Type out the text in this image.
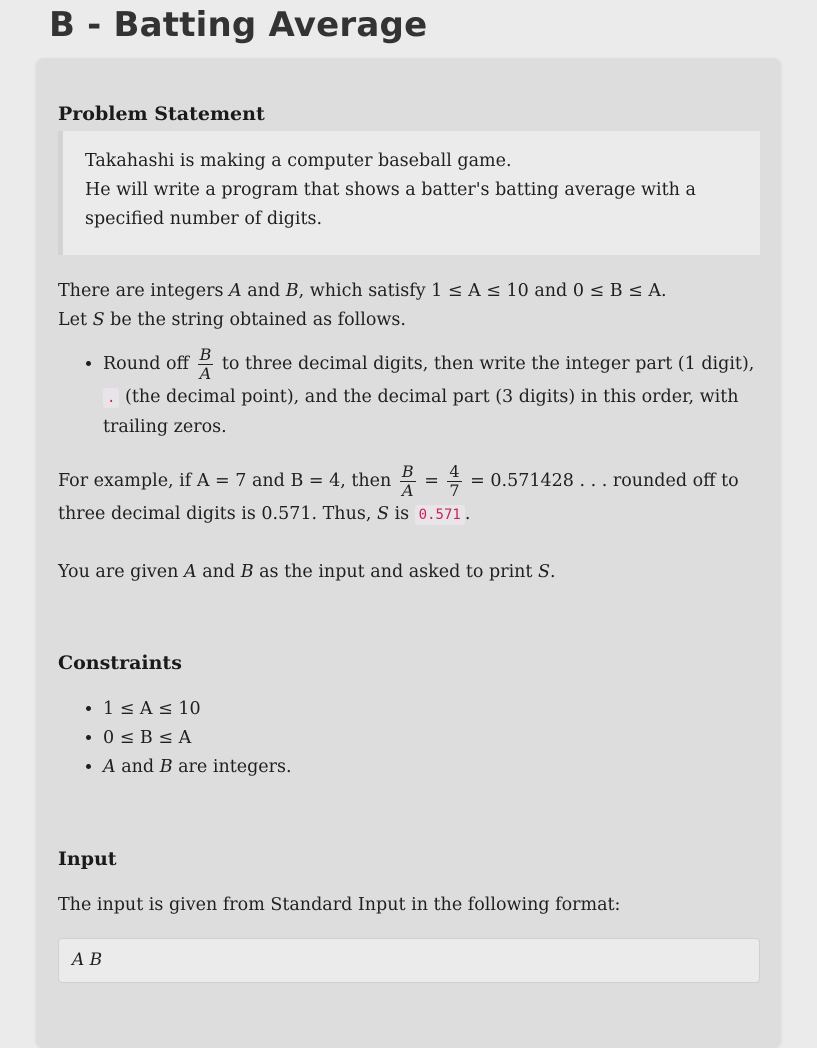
B - Batting Average
Problem Statement

Takahashi is making a computer baseball game.

He will write a program that shows a batter's batting average with a specified number of digits.

There are integers A and B, which satisfy 1 ≤ A ≤ 10 and 0 ≤ B ≤ A.
Let S be the string obtained as follows.

• Round off $\frac{B}{A}$ to three decimal digits, then write the integer part (1 digit), . (the decimal point), and the decimal part (3 digits) in this order, with trailing zeros.

For example, if A = 7 and B = 4, then $\frac{B}{A} = \frac{4}{7} = 0.571428$ . . . rounded off to three decimal digits is 0.571. Thus, S is 0.571 .

You are given A and B as the input and asked to print S.

Constraints
• 1 ≤ A ≤ 10
• 0 ≤ B ≤ A
• A and B are integers.
Input

The input is given from Standard Input in the following format:

A B
